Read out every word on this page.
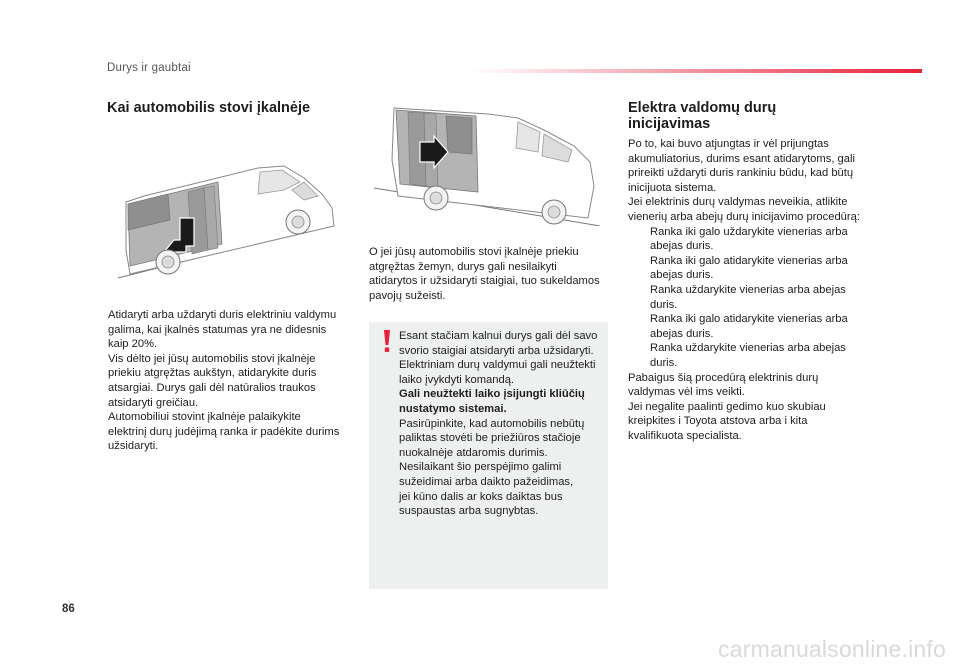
Durys ir gaubtai
Kai automobilis stovi įkalnėje

Atidaryti arba uždaryti duris elektriniu valdymu

galima, kai įkalnės statumas yra ne didesnis

kaip 20%.

Vis dėlto jei jūsų automobilis stovi įkalnėje

priekiu atgręžtas aukštyn, atidarykite duris

atsargiai. Durys gali dėl natūralios traukos

atsidaryti greičiau.

Automobiliui stovint įkalnėje palaikykite

elektrinį durų judėjimą ranka ir padėkite durims

užsidaryti.

O jei jūsų automobilis stovi įkalnėje priekiu

atgręžtas žemyn, durys gali nesilaikyti

atidarytos ir užsidaryti staigiai, tuo sukeldamos

pavojų sužeisti.

Esant stačiam kalnui durys gali dėl savo
svorio staigiai atsidaryti arba užsidaryti.
Elektriniam durų valdymui gali neužtekti
laiko įvykdyti komandą.
Gali neužtekti laiko įsijungti kliūčių
nustatymo sistemai.
Pasirūpinkite, kad automobilis nebūtų
paliktas stovėti be priežiūros stačioje
nuokalnėje atdaromis durimis.
Nesilaikant šio perspėjimo galimi
sužeidimai arba daikto pažeidimas,
jei kūno dalis ar koks daiktas bus
suspaustas arba sugnybtas.
Elektra valdomų durų
inicijavimas

Po to, kai buvo atjungtas ir vėl prijungtas

akumuliatorius, durims esant atidarytoms, gali

prireikti uždaryti duris rankiniu būdu, kad būtų

inicijuota sistema.

Jei elektrinis durų valdymas neveikia, atlikite

vienerių arba abejų durų inicijavimo procedūrą:

Ranka iki galo uždarykite vienerias arba
abejas duris.
Ranka iki galo atidarykite vienerias arba
abejas duris.
Ranka uždarykite vienerias arba abejas
duris.
Ranka iki galo atidarykite vienerias arba
abejas duris.
Ranka uždarykite vienerias arba abejas
duris.

Pabaigus šią procedūrą elektrinis durų

valdymas vėl ims veikti.

Jei negalite paalinti gedimo kuo skubiau

kreipkites i Toyota atstova arba i kita

kvalifikuota specialista.

86
carmanualsonline.info
